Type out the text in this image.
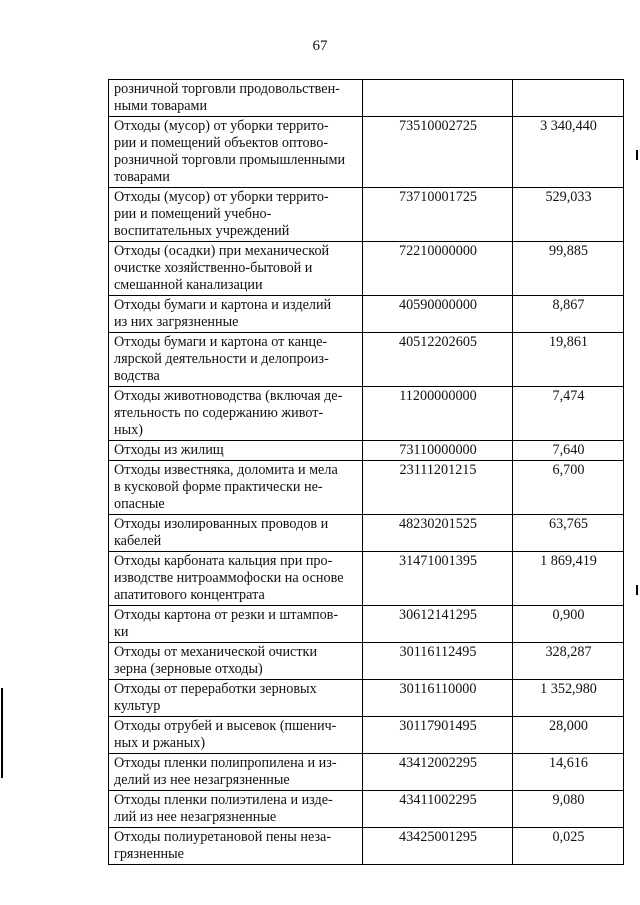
67
розничной торговли продовольствен-
ными товарами		
Отходы (мусор) от уборки террито-
рии и помещений объектов оптово-
розничной торговли промышленными
товарами	73510002725	3 340,440
Отходы (мусор) от уборки террито-
рии и помещений учебно-
воспитательных учреждений	73710001725	529,033
Отходы (осадки) при механической
очистке хозяйственно-бытовой и
смешанной канализации	72210000000	99,885
Отходы бумаги и картона и изделий
из них загрязненные	40590000000	8,867
Отходы бумаги и картона от канце-
лярской деятельности и делопроиз-
водства	40512202605	19,861
Отходы животноводства (включая де-
ятельность по содержанию живот-
ных)	11200000000	7,474
Отходы из жилищ	73110000000	7,640
Отходы известняка, доломита и мела
в кусковой форме практически не-
опасные	23111201215	6,700
Отходы изолированных проводов и
кабелей	48230201525	63,765
Отходы карбоната кальция при про-
изводстве нитроаммофоски на основе
апатитового концентрата	31471001395	1 869,419
Отходы картона от резки и штампов-
ки	30612141295	0,900
Отходы от механической очистки
зерна (зерновые отходы)	30116112495	328,287
Отходы от переработки зерновых
культур	30116110000	1 352,980
Отходы отрубей и высевок (пшенич-
ных и ржаных)	30117901495	28,000
Отходы пленки полипропилена и из-
делий из нее незагрязненные	43412002295	14,616
Отходы пленки полиэтилена и изде-
лий из нее незагрязненные	43411002295	9,080
Отходы полиуретановой пены неза-
грязненные	43425001295	0,025
